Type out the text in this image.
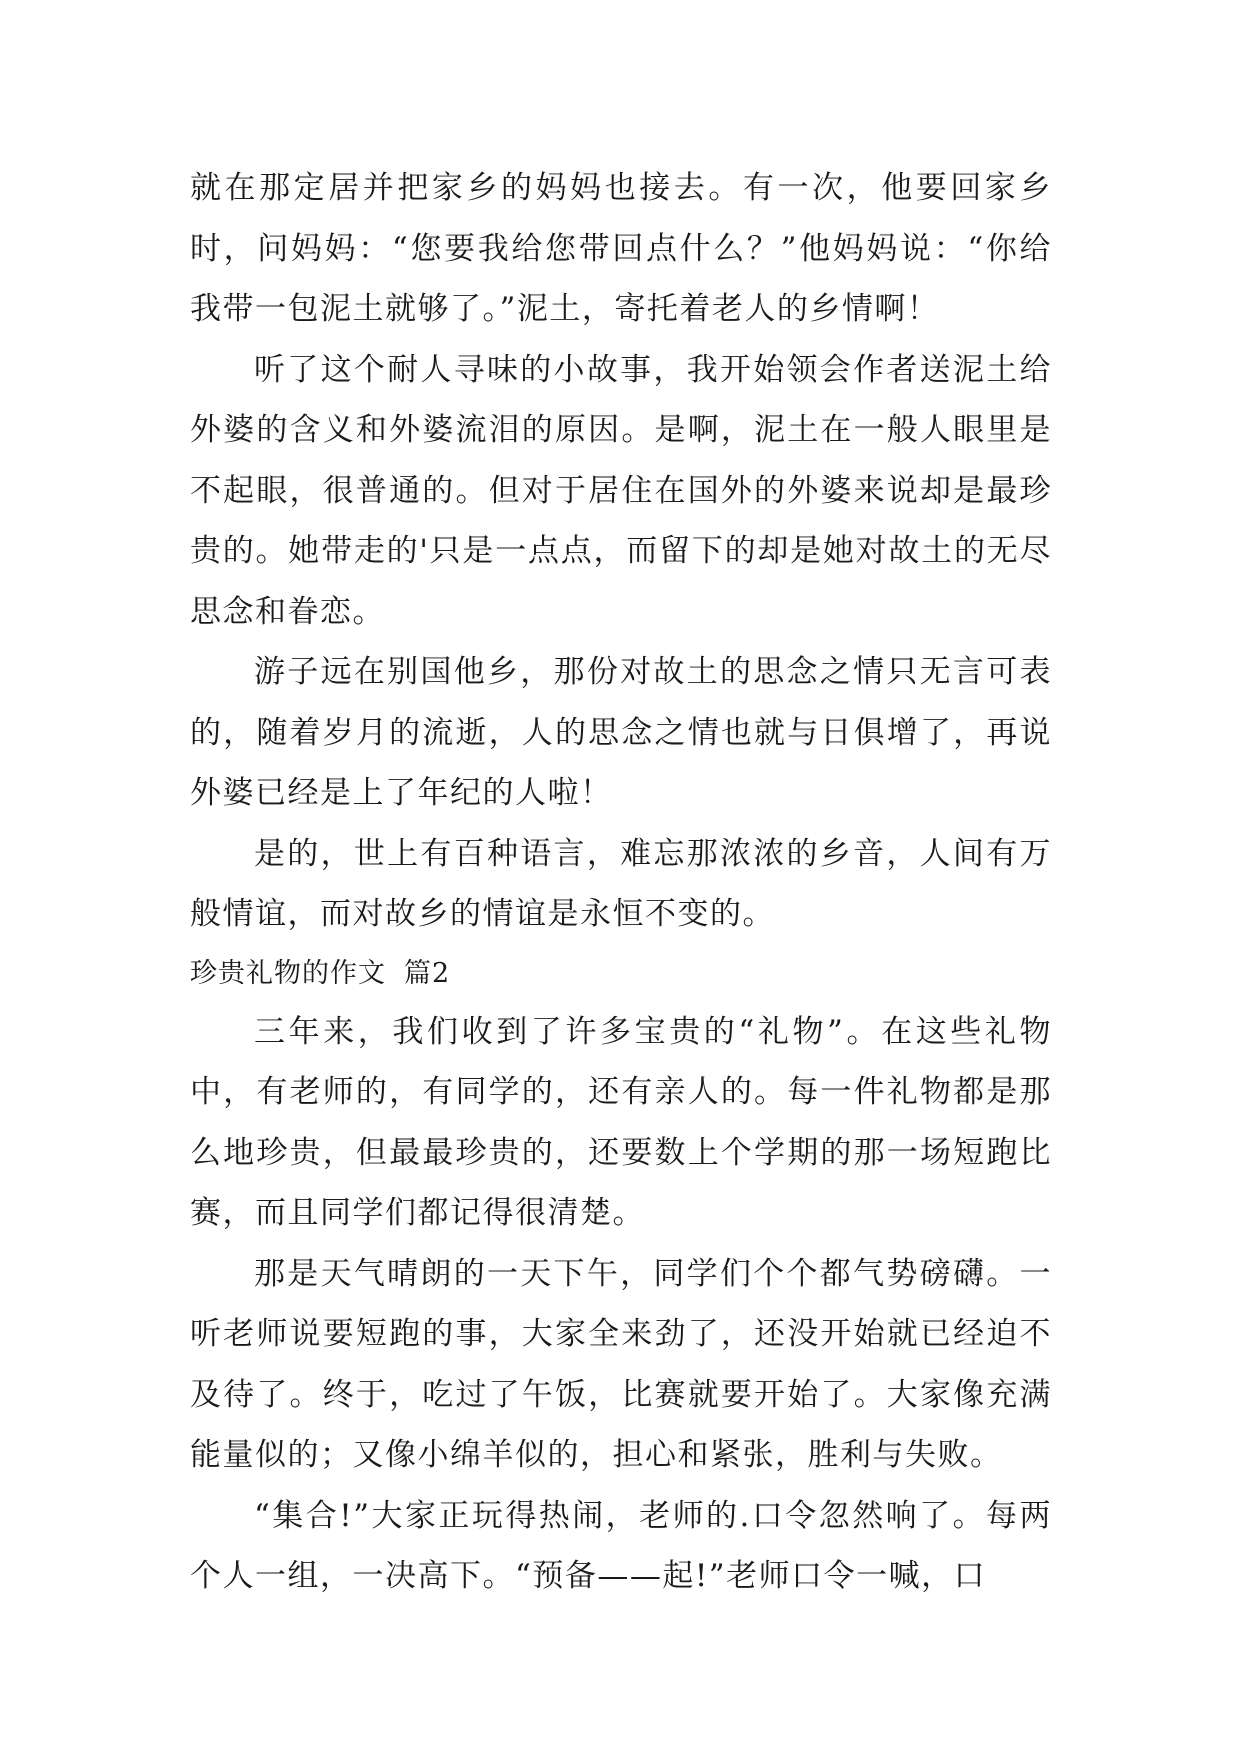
就在那定居并把家乡的妈妈也接去。有一次，他要回家乡时，问妈妈：“您要我给您带回点什么？”他妈妈说：“你给我带一包泥土就够了。”泥土，寄托着老人的乡情啊！

听了这个耐人寻味的小故事，我开始领会作者送泥土给外婆的含义和外婆流泪的原因。是啊，泥土在一般人眼里是不起眼，很普通的。但对于居住在国外的外婆来说却是最珍贵的。她带走的'只是一点点，而留下的却是她对故土的无尽思念和眷恋。

游子远在别国他乡，那份对故土的思念之情只无言可表的，随着岁月的流逝，人的思念之情也就与日俱增了，再说外婆已经是上了年纪的人啦！

是的，世上有百种语言，难忘那浓浓的乡音，人间有万般情谊，而对故乡的情谊是永恒不变的。

珍贵礼物的作文 篇2

三年来，我们收到了许多宝贵的“礼物”。在这些礼物中，有老师的，有同学的，还有亲人的。每一件礼物都是那么地珍贵，但最最珍贵的，还要数上个学期的那一场短跑比赛，而且同学们都记得很清楚。

那是天气晴朗的一天下午，同学们个个都气势磅礴。一听老师说要短跑的事，大家全来劲了，还没开始就已经迫不及待了。终于，吃过了午饭，比赛就要开始了。大家像充满能量似的；又像小绵羊似的，担心和紧张，胜利与失败。

“集合!”大家正玩得热闹，老师的.口令忽然响了。每两个人一组，一决高下。“预备——起!”老师口令一喊，口
